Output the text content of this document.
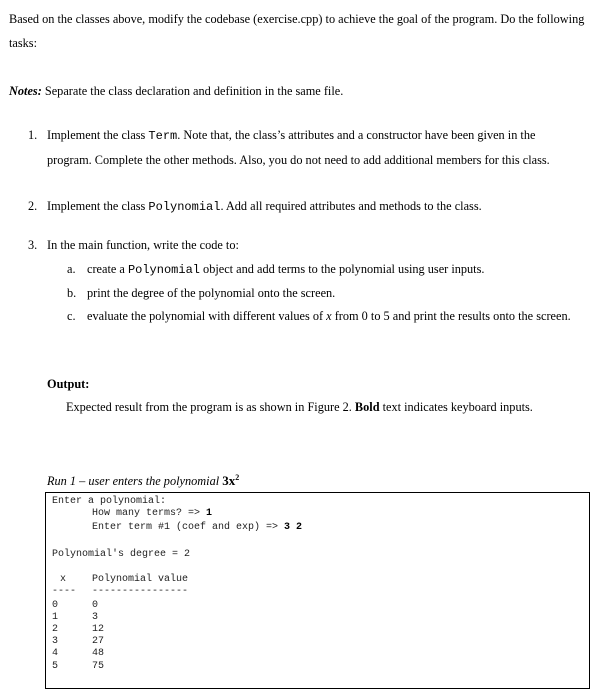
Based on the classes above, modify the codebase (exercise.cpp) to achieve the goal of the program. Do the following tasks:
Notes: Separate the class declaration and definition in the same file.
1. Implement the class Term. Note that, the class’s attributes and a constructor have been given in the program. Complete the other methods. Also, you do not need to add additional members for this class.
2. Implement the class Polynomial. Add all required attributes and methods to the class.
3. In the main function, write the code to:
a. create a Polynomial object and add terms to the polynomial using user inputs.
b. print the degree of the polynomial onto the screen.
c. evaluate the polynomial with different values of x from 0 to 5 and print the results onto the screen.
Output:
Expected result from the program is as shown in Figure 2. Bold text indicates keyboard inputs.
Run 1 – user enters the polynomial $3x^2$
Enter a polynomial:
How many terms? => 1
Enter term #1 (coef and exp) => 3 2
Polynomial's degree = 2
x	Polynomial value
---- ----------------
0	0
1	3
2	12
3	27
4	48
5	75
